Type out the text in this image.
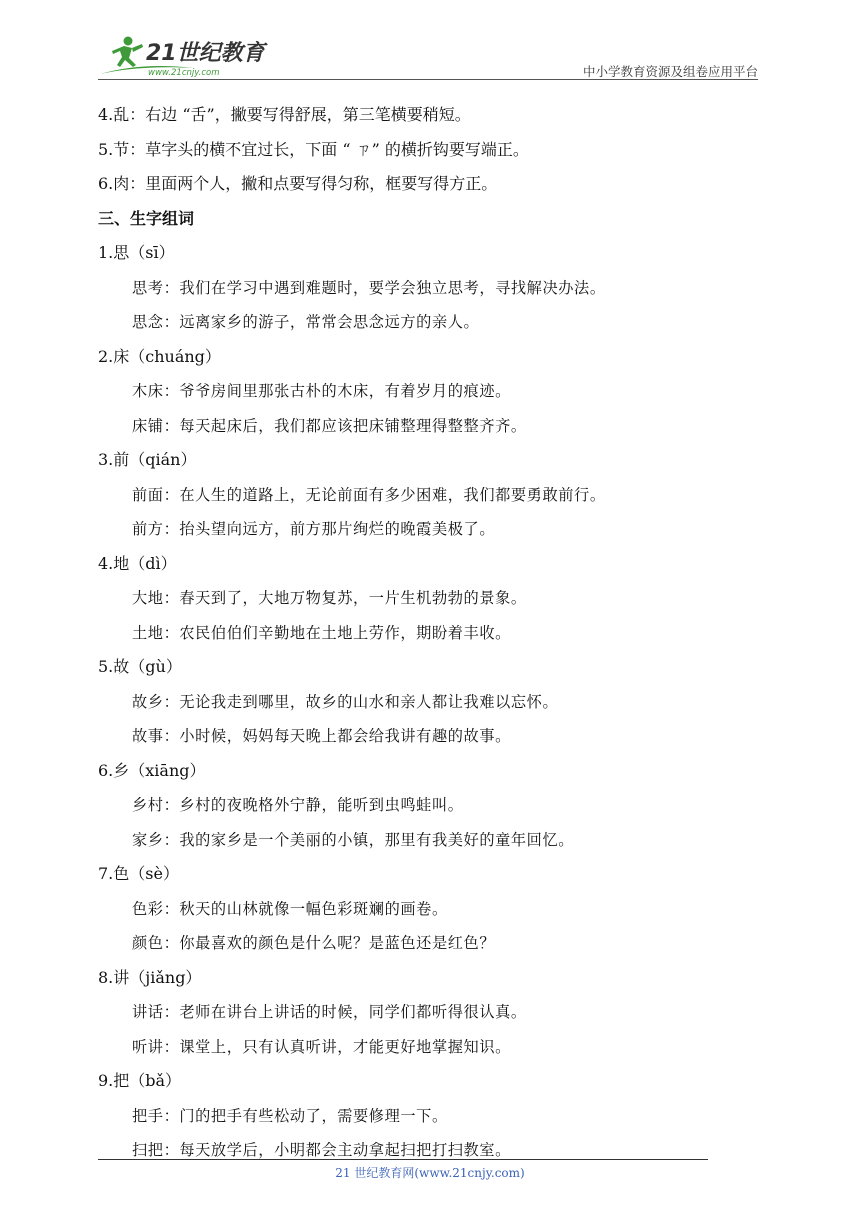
21世纪教育
www.21cnjy.com	中小学教育资源及组卷应用平台
4.乱：右边 “舌”，撇要写得舒展，第三笔横要稍短。
5.节：草字头的横不宜过长，下面 “ ㄗ” 的横折钩要写端正。
6.肉：里面两个人，撇和点要写得匀称，框要写得方正。
三、生字组词
1.思（sī）
思考：我们在学习中遇到难题时，要学会独立思考，寻找解决办法。
思念：远离家乡的游子，常常会思念远方的亲人。
2.床（chuáng）
木床：爷爷房间里那张古朴的木床，有着岁月的痕迹。
床铺：每天起床后，我们都应该把床铺整理得整整齐齐。
3.前（qián）
前面：在人生的道路上，无论前面有多少困难，我们都要勇敢前行。
前方：抬头望向远方，前方那片绚烂的晚霞美极了。
4.地（dì）
大地：春天到了，大地万物复苏，一片生机勃勃的景象。
土地：农民伯伯们辛勤地在土地上劳作，期盼着丰收。
5.故（gù）
故乡：无论我走到哪里，故乡的山水和亲人都让我难以忘怀。
故事：小时候，妈妈每天晚上都会给我讲有趣的故事。
6.乡（xiāng）
乡村：乡村的夜晚格外宁静，能听到虫鸣蛙叫。
家乡：我的家乡是一个美丽的小镇，那里有我美好的童年回忆。
7.色（sè）
色彩：秋天的山林就像一幅色彩斑斓的画卷。
颜色：你最喜欢的颜色是什么呢？是蓝色还是红色？
8.讲（jiǎng）
讲话：老师在讲台上讲话的时候，同学们都听得很认真。
听讲：课堂上，只有认真听讲，才能更好地掌握知识。
9.把（bǎ）
把手：门的把手有些松动了，需要修理一下。
扫把：每天放学后，小明都会主动拿起扫把打扫教室。
21 世纪教育网(www.21cnjy.com)
